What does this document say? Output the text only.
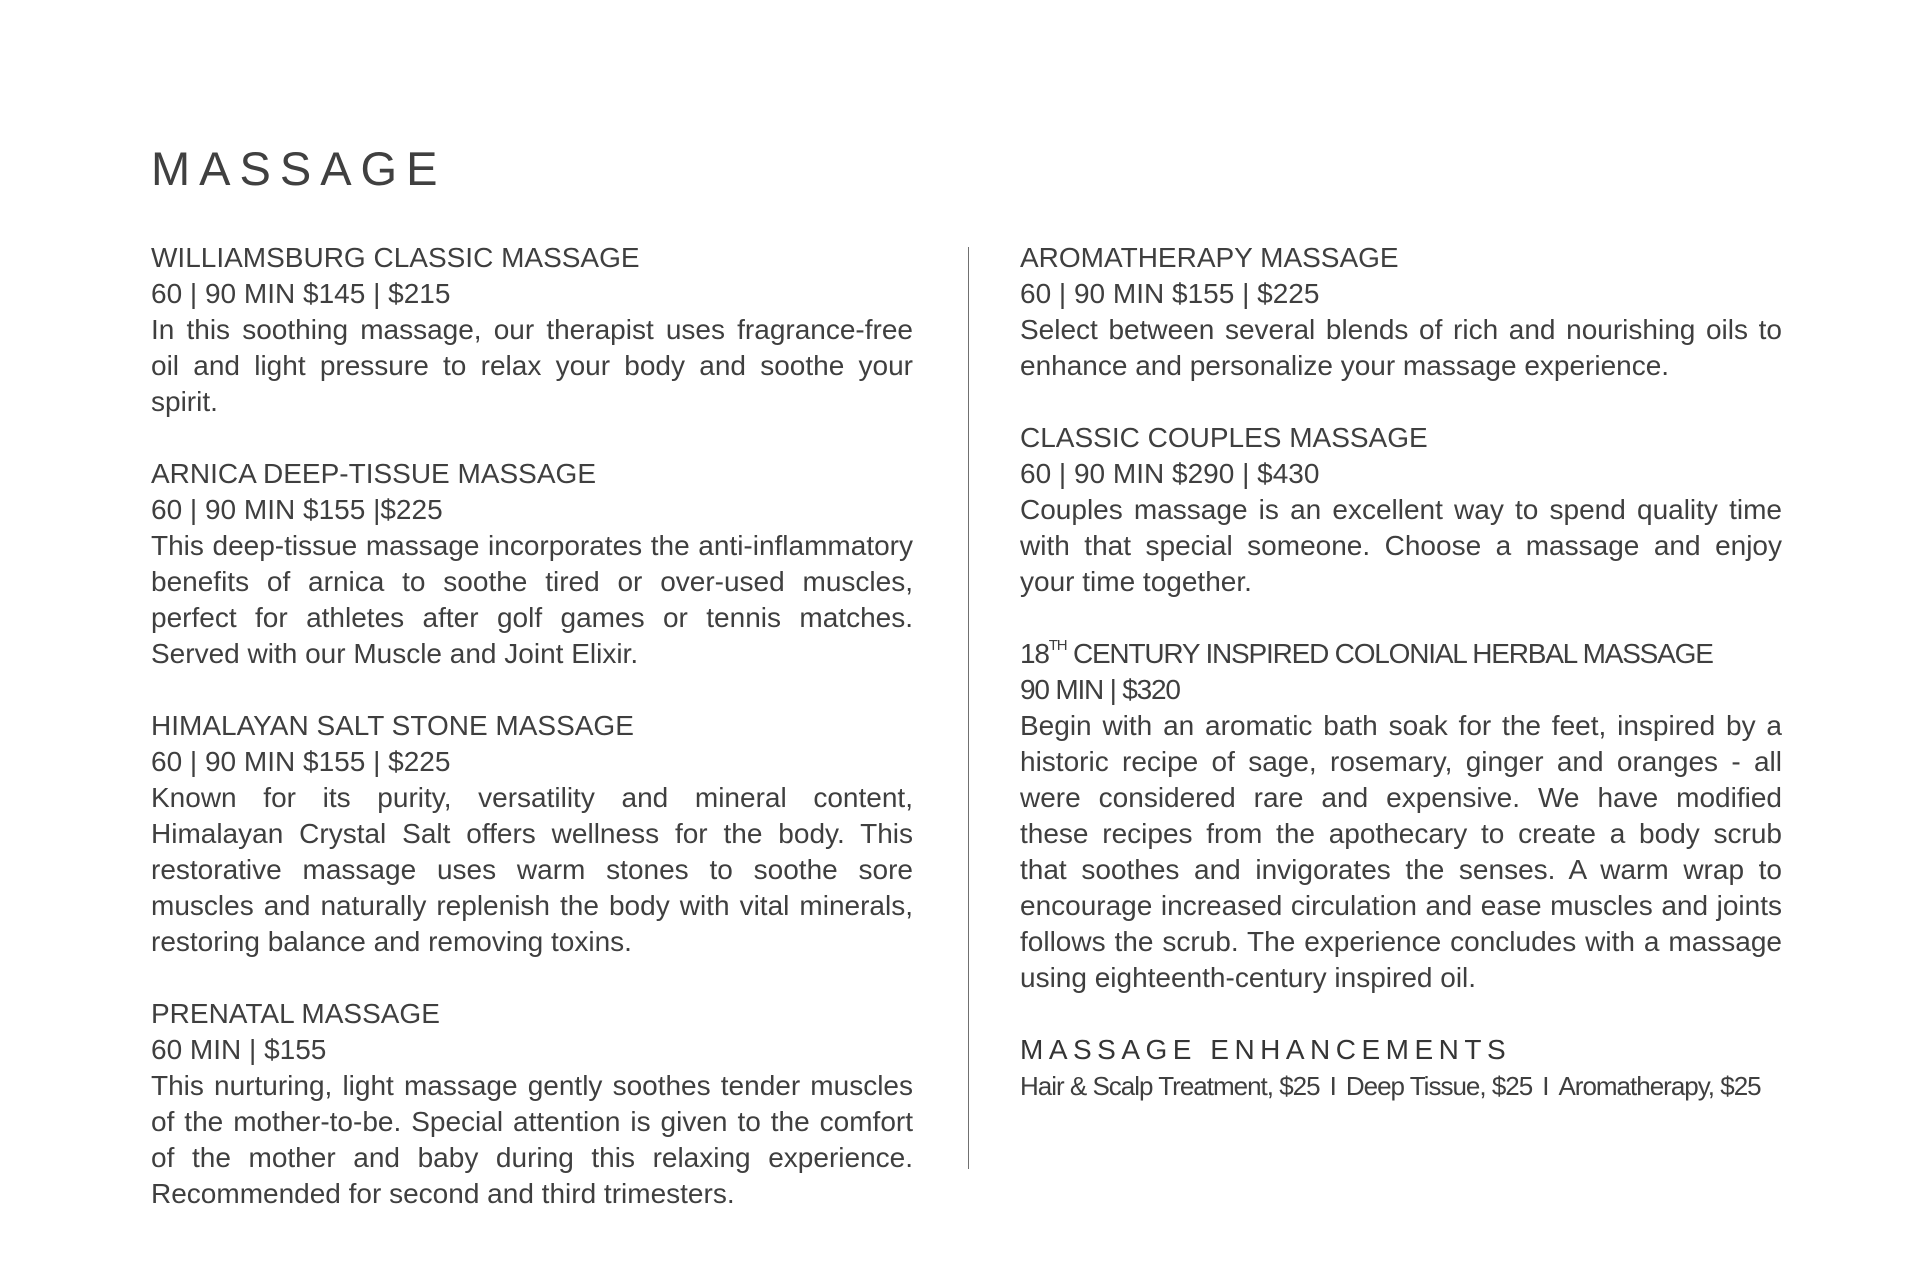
MASSAGE
WILLIAMSBURG CLASSIC MASSAGE
60 | 90 MIN $145 | $215
In this soothing massage, our therapist uses fragrance-free oil and light pressure to relax your body and soothe your spirit.
ARNICA DEEP-TISSUE MASSAGE
60 | 90 MIN $155 |$225
This deep-tissue massage incorporates the anti-inflammatory benefits of arnica to soothe tired or over-used muscles, perfect for athletes after golf games or tennis matches. Served with our Muscle and Joint Elixir.
HIMALAYAN SALT STONE MASSAGE
60 | 90 MIN $155 | $225
Known for its purity, versatility and mineral content, Himalayan Crystal Salt offers wellness for the body. This restorative massage uses warm stones to soothe sore muscles and naturally replenish the body with vital minerals, restoring balance and removing toxins.
PRENATAL MASSAGE
60 MIN | $155
This nurturing, light massage gently soothes tender muscles of the mother-to-be. Special attention is given to the comfort of the mother and baby during this relaxing experience. Recommended for second and third trimesters.
AROMATHERAPY MASSAGE
60 | 90 MIN $155 | $225
Select between several blends of rich and nourishing oils to enhance and personalize your massage experience.
CLASSIC COUPLES MASSAGE
60 | 90 MIN $290 | $430
Couples massage is an excellent way to spend quality time with that special someone. Choose a massage and enjoy your time together.
18TH CENTURY INSPIRED COLONIAL HERBAL MASSAGE
90 MIN | $320
Begin with an aromatic bath soak for the feet, inspired by a historic recipe of sage, rosemary, ginger and oranges - all were considered rare and expensive. We have modified these recipes from the apothecary to create a body scrub that soothes and invigorates the senses. A warm wrap to encourage increased circulation and ease muscles and joints follows the scrub. The experience concludes with a massage using eighteenth-century inspired oil.
MASSAGE ENHANCEMENTS
Hair & Scalp Treatment, $25 I Deep Tissue, $25 I Aromatherapy, $25
